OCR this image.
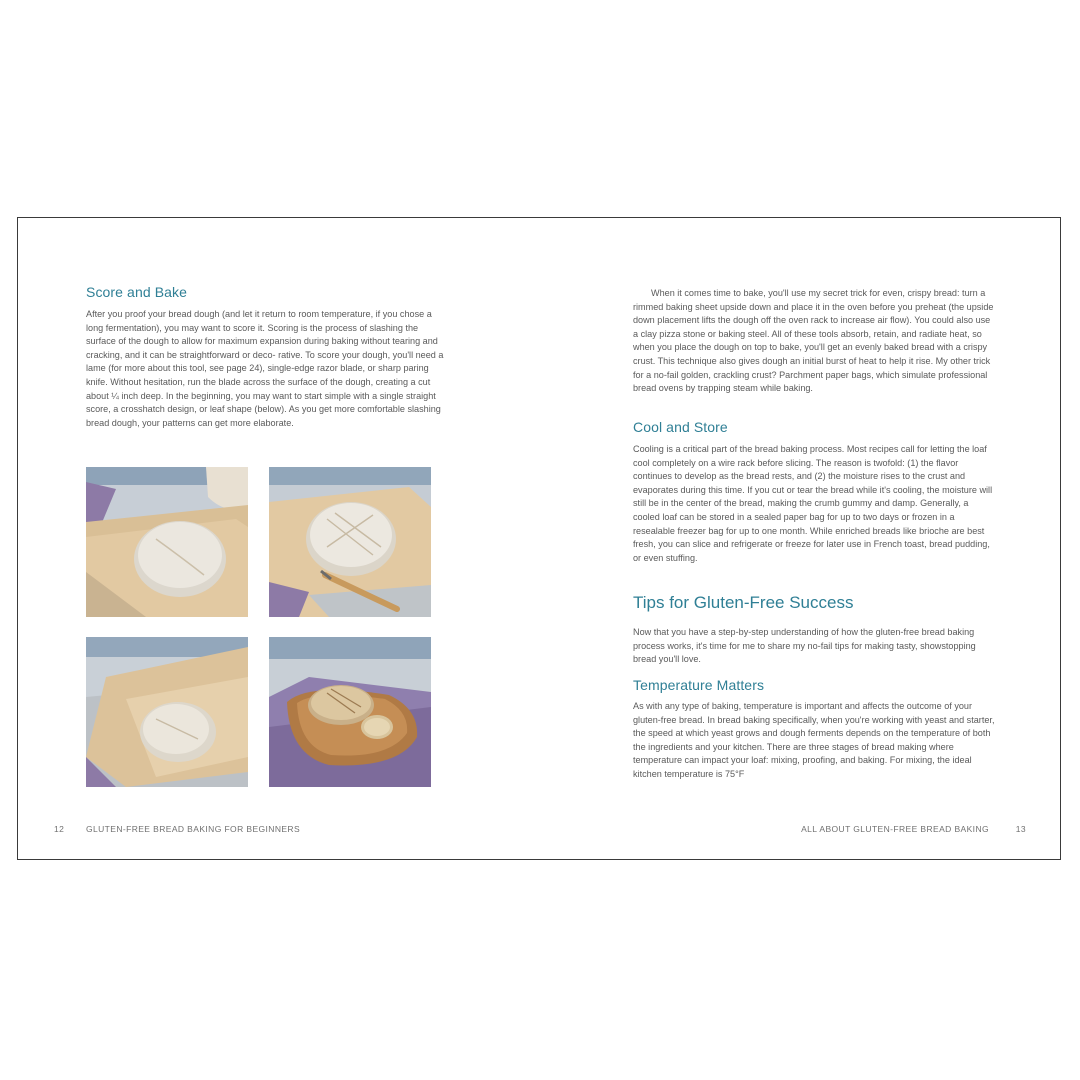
Score and Bake

After you proof your bread dough (and let it return to room temperature, if you chose a long fermentation), you may want to score it. Scoring is the process of slashing the surface of the dough to allow for maximum expansion during baking without tearing and cracking, and it can be straightforward or deco- rative. To score your dough, you'll need a lame (for more about this tool, see page 24), single-edge razor blade, or sharp paring knife. Without hesitation, run the blade across the surface of the dough, creating a cut about ¼ inch deep. In the beginning, you may want to start simple with a single straight score, a crosshatch design, or leaf shape (below). As you get more comfortable slashing bread dough, your patterns can get more elaborate.

12	GLUTEN-FREE BREAD BAKING FOR BEGINNERS

When it comes time to bake, you'll use my secret trick for even, crispy bread: turn a rimmed baking sheet upside down and place it in the oven before you preheat (the upside down placement lifts the dough off the oven rack to increase air flow). You could also use a clay pizza stone or baking steel. All of these tools absorb, retain, and radiate heat, so when you place the dough on top to bake, you'll get an evenly baked bread with a crispy crust. This technique also gives dough an initial burst of heat to help it rise. My other trick for a no-fail golden, crackling crust? Parchment paper bags, which simulate professional bread ovens by trapping steam while baking.

Cool and Store

Cooling is a critical part of the bread baking process. Most recipes call for letting the loaf cool completely on a wire rack before slicing. The reason is twofold: (1) the flavor continues to develop as the bread rests, and (2) the moisture rises to the crust and evaporates during this time. If you cut or tear the bread while it's cooling, the moisture will still be in the center of the bread, making the crumb gummy and damp. Generally, a cooled loaf can be stored in a sealed paper bag for up to two days or frozen in a resealable freezer bag for up to one month. While enriched breads like brioche are best fresh, you can slice and refrigerate or freeze for later use in French toast, bread pudding, or even stuffing.

Tips for Gluten-Free Success

Now that you have a step-by-step understanding of how the gluten-free bread baking process works, it's time for me to share my no-fail tips for making tasty, showstopping bread you'll love.

Temperature Matters

As with any type of baking, temperature is important and affects the outcome of your gluten-free bread. In bread baking specifically, when you're working with yeast and starter, the speed at which yeast grows and dough ferments depends on the temperature of both the ingredients and your kitchen. There are three stages of bread making where temperature can impact your loaf: mixing, proofing, and baking. For mixing, the ideal kitchen temperature is 75°F

ALL ABOUT GLUTEN-FREE BREAD BAKING	13
